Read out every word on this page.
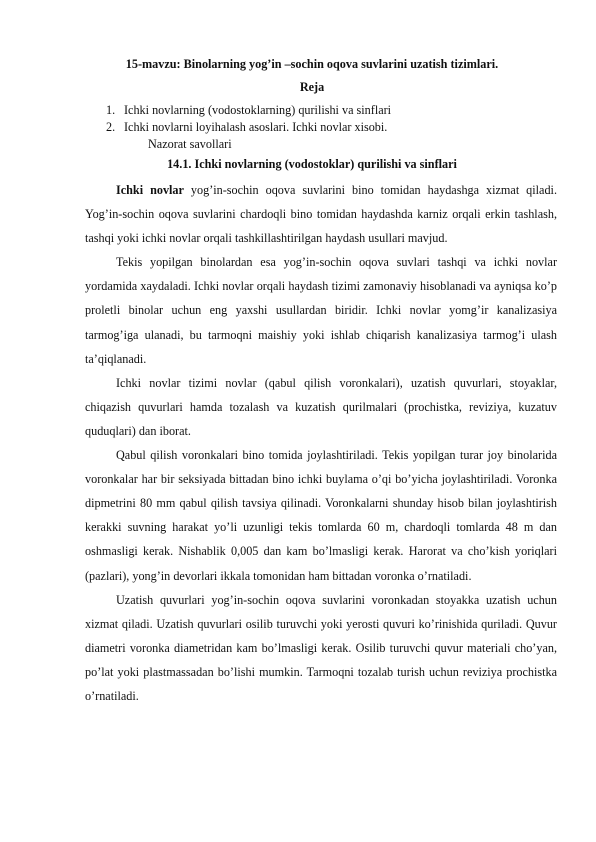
15-mavzu: Binolarning yog’in –sochin oqova suvlarini uzatish tizimlari.
Reja
1. Ichki novlarning (vodostoklarning) qurilishi va sinflari
2. Ichki novlarni loyihalash asoslari. Ichki novlar xisobi.
Nazorat savollari
14.1. Ichki novlarning (vodostoklar) qurilishi va sinflari

Ichki novlar yog’in-sochin oqova suvlarini bino tomidan haydashga xizmat qiladi. Yog’in-sochin oqova suvlarini chardoqli bino tomidan haydashda karniz orqali erkin tashlash, tashqi yoki ichki novlar orqali tashkillashtirilgan haydash usullari mavjud.

Tekis yopilgan binolardan esa yog’in-sochin oqova suvlari tashqi va ichki novlar yordamida xaydaladi. Ichki novlar orqali haydash tizimi zamonaviy hisoblanadi va ayniqsa ko’p proletli binolar uchun eng yaxshi usullardan biridir. Ichki novlar yomg’ir kanalizasiya tarmog’iga ulanadi, bu tarmoqni maishiy yoki ishlab chiqarish kanalizasiya tarmog’i ulash ta’qiqlanadi.

Ichki novlar tizimi novlar (qabul qilish voronkalari), uzatish quvurlari, stoyaklar, chiqazish quvurlari hamda tozalash va kuzatish qurilmalari (prochistka, reviziya, kuzatuv quduqlari) dan iborat.

Qabul qilish voronkalari bino tomida joylashtiriladi. Tekis yopilgan turar joy binolarida voronkalar har bir seksiyada bittadan bino ichki buylama o’qi bo’yicha joylashtiriladi. Voronka dipmetrini 80 mm qabul qilish tavsiya qilinadi. Voronkalarni shunday hisob bilan joylashtirish kerakki suvning harakat yo’li uzunligi tekis tomlarda 60 m, chardoqli tomlarda 48 m dan oshmasligi kerak. Nishablik 0,005 dan kam bo’lmasligi kerak. Harorat va cho’kish yoriqlari (pazlari), yong’in devorlari ikkala tomonidan ham bittadan voronka o’rnatiladi.

Uzatish quvurlari yog’in-sochin oqova suvlarini voronkadan stoyakka uzatish uchun xizmat qiladi. Uzatish quvurlari osilib turuvchi yoki yerosti quvuri ko’rinishida quriladi. Quvur diametri voronka diametridan kam bo’lmasligi kerak. Osilib turuvchi quvur materiali cho’yan, po’lat yoki plastmassadan bo’lishi mumkin. Tarmoqni tozalab turish uchun reviziya prochistka o’rnatiladi.
